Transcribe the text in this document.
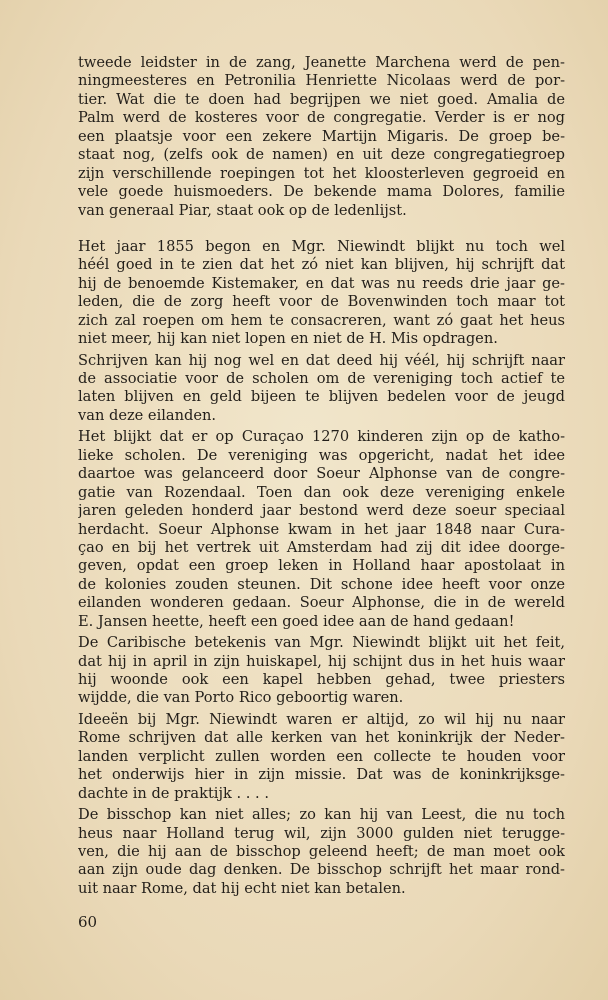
tweede leidster in de zang, Jeanette Marchena werd de pen-
ningmeesteres en Petronilia Henriette Nicolaas werd de por-
tier. Wat die te doen had begrijpen we niet goed. Amalia de
Palm werd de kosteres voor de congregatie. Verder is er nog
een plaatsje voor een zekere Martijn Migaris. De groep be-
staat nog, (zelfs ook de namen) en uit deze congregatiegroep
zijn verschillende roepingen tot het kloosterleven gegroeid en
vele goede huismoeders. De bekende mama Dolores, familie
van generaal Piar, staat ook op de ledenlijst.

Het jaar 1855 begon en Mgr. Niewindt blijkt nu toch wel
héél goed in te zien dat het zó niet kan blijven, hij schrijft dat
hij de benoemde Kistemaker, en dat was nu reeds drie jaar ge-
leden, die de zorg heeft voor de Bovenwinden toch maar tot
zich zal roepen om hem te consacreren, want zó gaat het heus
niet meer, hij kan niet lopen en niet de H. Mis opdragen.

Schrijven kan hij nog wel en dat deed hij véél, hij schrijft naar
de associatie voor de scholen om de vereniging toch actief te
laten blijven en geld bijeen te blijven bedelen voor de jeugd
van deze eilanden.

Het blijkt dat er op Curaçao 1270 kinderen zijn op de katho-
lieke scholen. De vereniging was opgericht, nadat het idee
daartoe was gelanceerd door Soeur Alphonse van de congre-
gatie van Rozendaal. Toen dan ook deze vereniging enkele
jaren geleden honderd jaar bestond werd deze soeur speciaal
herdacht. Soeur Alphonse kwam in het jaar 1848 naar Cura-
çao en bij het vertrek uit Amsterdam had zij dit idee doorge-
geven, opdat een groep leken in Holland haar apostolaat in
de kolonies zouden steunen. Dit schone idee heeft voor onze
eilanden wonderen gedaan. Soeur Alphonse, die in de wereld
E. Jansen heette, heeft een goed idee aan de hand gedaan!

De Caribische betekenis van Mgr. Niewindt blijkt uit het feit,
dat hij in april in zijn huiskapel, hij schijnt dus in het huis waar
hij woonde ook een kapel hebben gehad, twee priesters
wijdde, die van Porto Rico geboortig waren.

Ideeën bij Mgr. Niewindt waren er altijd, zo wil hij nu naar
Rome schrijven dat alle kerken van het koninkrijk der Neder-
landen verplicht zullen worden een collecte te houden voor
het onderwijs hier in zijn missie. Dat was de koninkrijksge-
dachte in de praktijk . . . .

De bisschop kan niet alles; zo kan hij van Leest, die nu toch
heus naar Holland terug wil, zijn 3000 gulden niet terugge-
ven, die hij aan de bisschop geleend heeft; de man moet ook
aan zijn oude dag denken. De bisschop schrijft het maar rond-
uit naar Rome, dat hij echt niet kan betalen.

60
